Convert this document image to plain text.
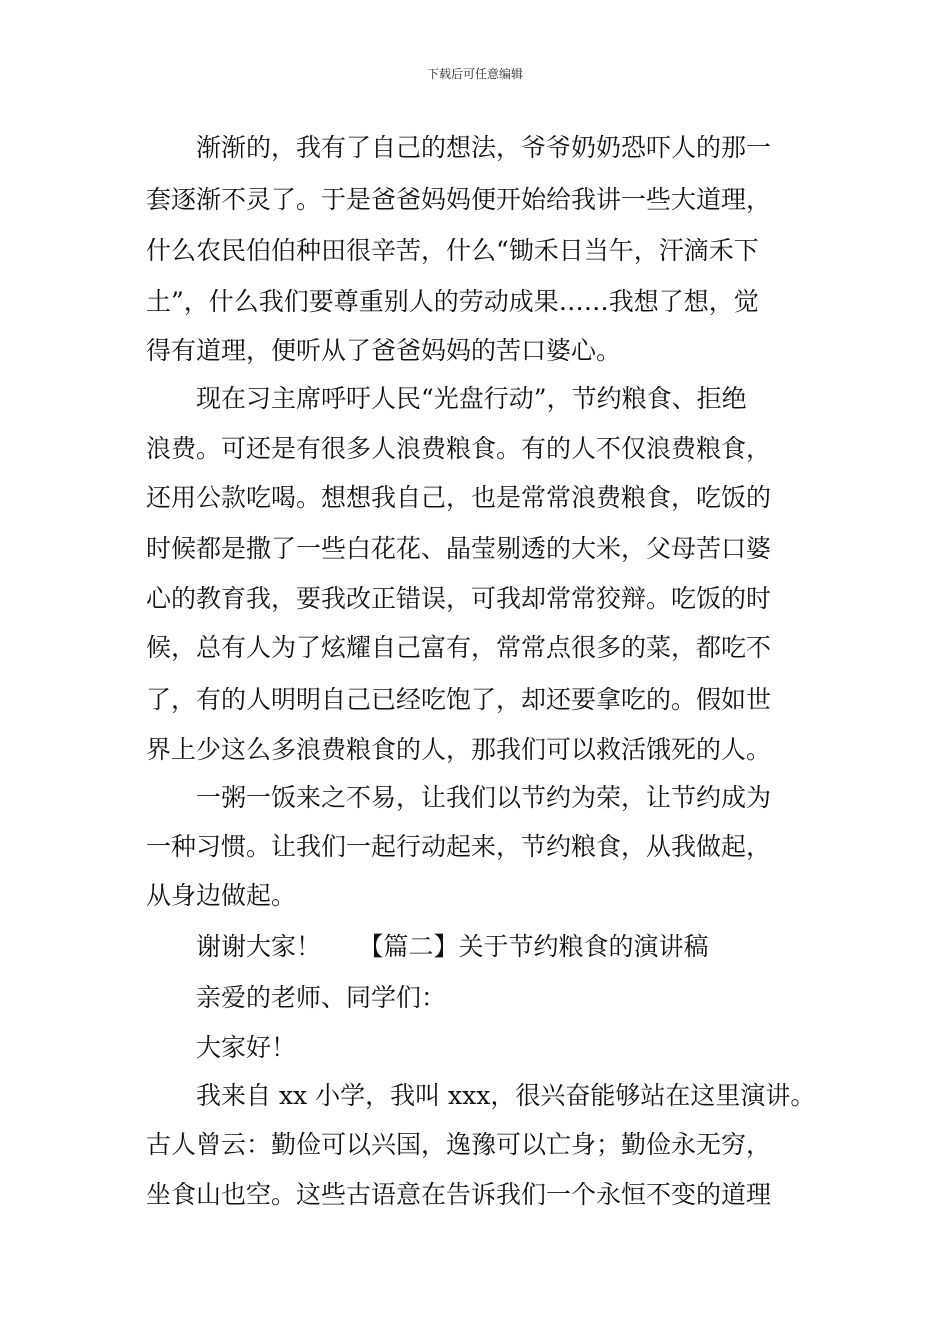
下载后可任意编辑
渐渐的，我有了自己的想法，爷爷奶奶恐吓人的那一
套逐渐不灵了。于是爸爸妈妈便开始给我讲一些大道理，
什么农民伯伯种田很辛苦，什么“锄禾日当午，汗滴禾下
土”，什么我们要尊重别人的劳动成果……我想了想，觉
得有道理，便听从了爸爸妈妈的苦口婆心。
现在习主席呼吁人民“光盘行动”，节约粮食、拒绝
浪费。可还是有很多人浪费粮食。有的人不仅浪费粮食，
还用公款吃喝。想想我自己，也是常常浪费粮食，吃饭的
时候都是撒了一些白花花、晶莹剔透的大米，父母苦口婆
心的教育我，要我改正错误，可我却常常狡辩。吃饭的时
候，总有人为了炫耀自己富有，常常点很多的菜，都吃不
了，有的人明明自己已经吃饱了，却还要拿吃的。假如世
界上少这么多浪费粮食的人，那我们可以救活饿死的人。
一粥一饭来之不易，让我们以节约为荣，让节约成为
一种习惯。让我们一起行动起来，节约粮食，从我做起，
从身边做起。
谢谢大家！　　【篇二】关于节约粮食的演讲稿
亲爱的老师、同学们：
大家好！
我来自 xx 小学，我叫 xxx，很兴奋能够站在这里演讲。
古人曾云：勤俭可以兴国，逸豫可以亡身；勤俭永无穷，
坐食山也空。这些古语意在告诉我们一个永恒不变的道理
